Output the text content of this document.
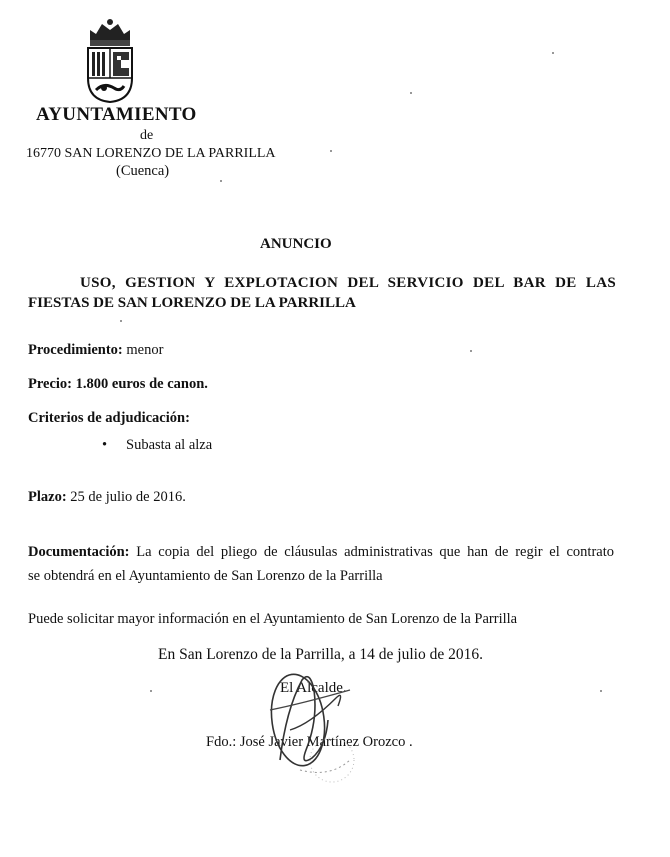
AYUNTAMIENTO
de
16770 SAN LORENZO DE LA PARRILLA
(Cuenca)
ANUNCIO
USO, GESTION Y EXPLOTACION DEL SERVICIO DEL BAR DE LAS
FIESTAS DE SAN LORENZO DE LA PARRILLA
Procedimiento: menor
Precio: 1.800 euros de canon.
Criterios de adjudicación:
• Subasta al alza
Plazo: 25 de julio de 2016.
Documentación: La copia del pliego de cláusulas administrativas que han de regir el contrato
se obtendrá en el Ayuntamiento de San Lorenzo de la Parrilla
Puede solicitar mayor información en el Ayuntamiento de San Lorenzo de la Parrilla
En San Lorenzo de la Parrilla, a 14 de julio de 2016.
El Alcalde.
Fdo.: José Javier Martínez Orozco .
